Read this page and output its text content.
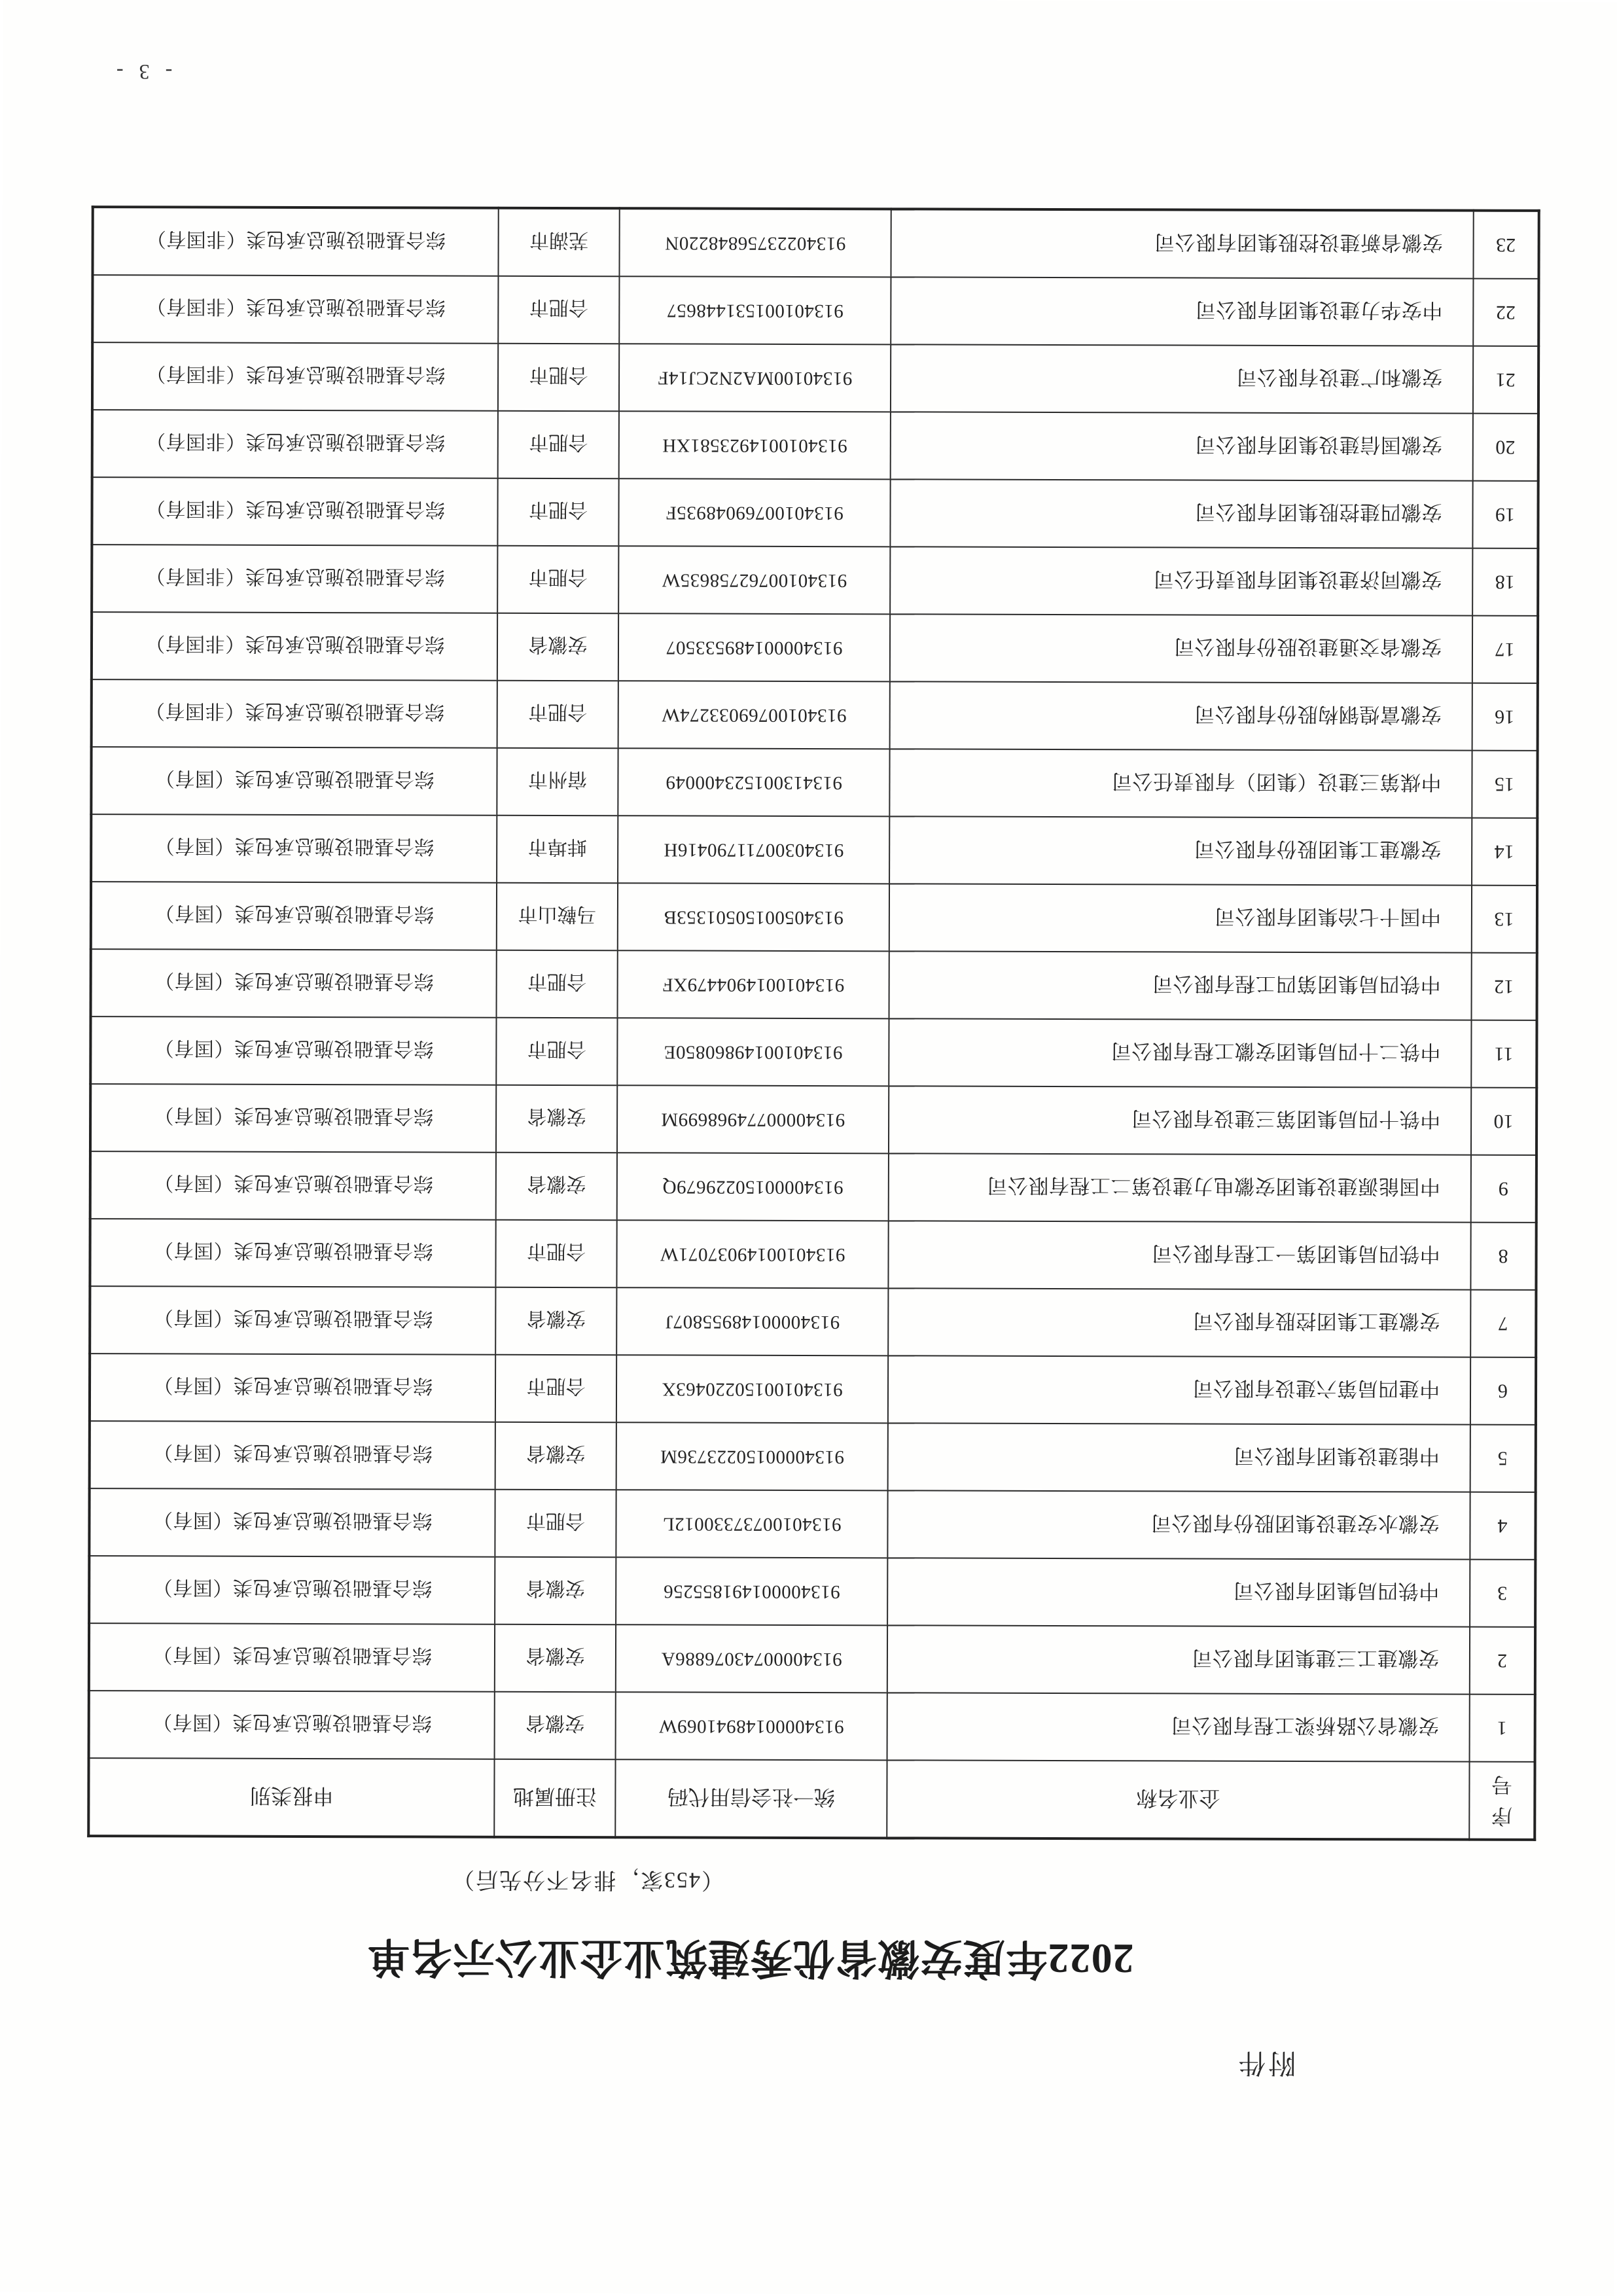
附件
2022年度安徽省优秀建筑业企业公示名单
（453家，排名不分先后）
序号	企业名称	统一社会信用代码	注册属地	申报类别
1	安徽省公路桥梁工程有限公司	91340000148941069W	安徽省	综合基础设施总承包类（国有）
2	安徽建工三建集团有限公司	91340000743076886A	安徽省	综合基础设施总承包类（国有）
3	中铁四局集团有限公司	913400001491855256	安徽省	综合基础设施总承包类（国有）
4	安徽水安建设集团股份有限公司	91340100737330012L	合肥市	综合基础设施总承包类（国有）
5	中能建设集团有限公司	91340000150223736M	安徽省	综合基础设施总承包类（国有）
6	中建四局第六建设有限公司	91340100150220463X	合肥市	综合基础设施总承包类（国有）
7	安徽建工集团控股有限公司	91340000148955807J	安徽省	综合基础设施总承包类（国有）
8	中铁四局集团第一工程有限公司	91340100149037071W	合肥市	综合基础设施总承包类（国有）
9	中国能源建设集团安徽电力建设第二工程有限公司	91340000150229679Q	安徽省	综合基础设施总承包类（国有）
10	中铁十四局集团第三建设有限公司	91340000774968699M	安徽省	综合基础设施总承包类（国有）
11	中铁二十四局集团安徽工程有限公司	91340100149860850E	合肥市	综合基础设施总承包类（国有）
12	中铁四局集团第四工程有限公司	9134010014904479XF	合肥市	综合基础设施总承包类（国有）
13	中国十七冶集团有限公司	91340500150501353B	马鞍山市	综合基础设施总承包类（国有）
14	安徽建工集团股份有限公司	91340300711790416H	蚌埠市	综合基础设施总承包类（国有）
15	中煤第三建设（集团）有限责任公司	913413001523400049	宿州市	综合基础设施总承包类（国有）
16	安徽富煌钢构股份有限公司	91340100769033274W	合肥市	综合基础设施总承包类（非国有）
17	安徽省交通建设股份有限公司	913400001489533507	安徽省	综合基础设施总承包类（非国有）
18	安徽同济建设集团有限责任公司	91340100762758635W	合肥市	综合基础设施总承包类（非国有）
19	安徽四建控股集团有限公司	91340100769048935F	合肥市	综合基础设施总承包类（非国有）
20	安徽国信建设集团有限公司	9134010014923581XH	合肥市	综合基础设施总承包类（非国有）
21	安徽和广建设有限公司	91340100MA2N2CJ14F	合肥市	综合基础设施总承包类（非国有）
22	中安华力建设集团有限公司	913401001531448657	合肥市	综合基础设施总承包类（非国有）
23	安徽省新建设控股集团有限公司	91340223756848220N	芜湖市	综合基础设施总承包类（非国有）
- 3 -
